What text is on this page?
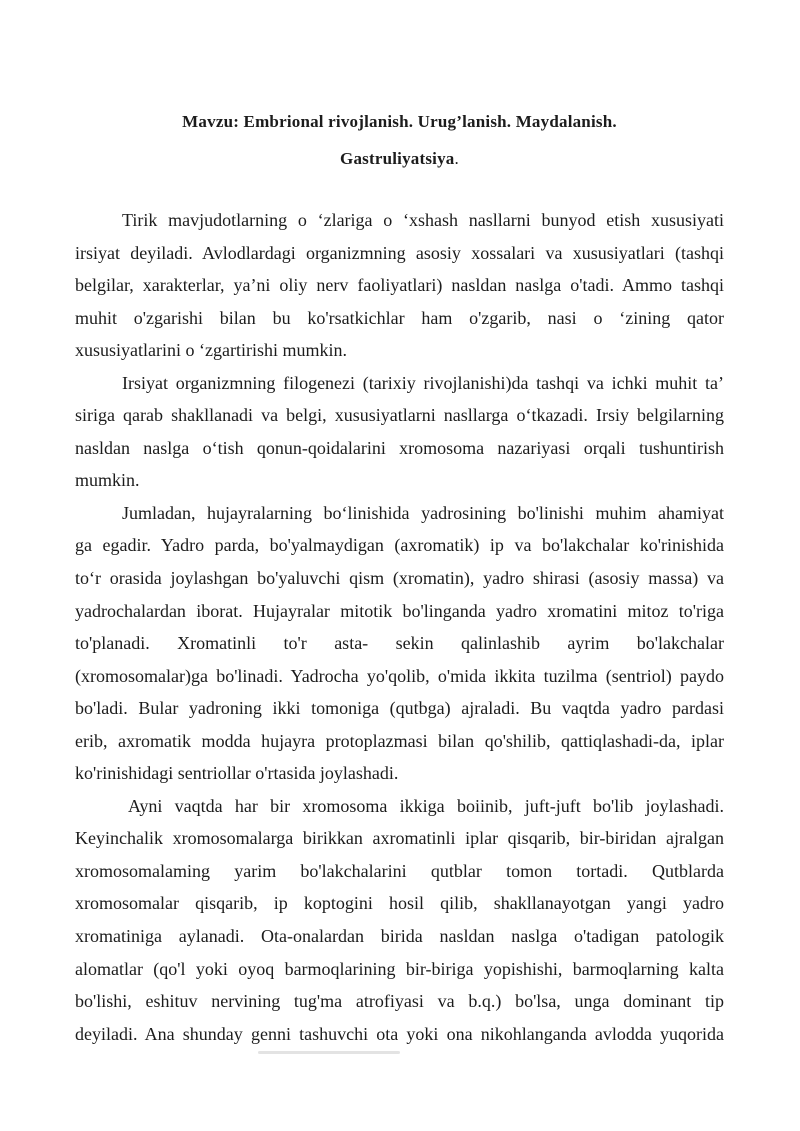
Mavzu: Embrional rivojlanish. Urug’lanish. Maydalanish.
Gastruliyatsiya.
Tirik mavjudotlarning o ‘zlariga o ‘xshash nasllarni bunyod etish xususiyati
irsiyat deyiladi. Avlodlardagi organizmning asosiy xossalari va xususiyatlari (tashqi
belgilar, xarakterlar, ya’ni oliy nerv faoliyatlari) nasldan naslga o'tadi. Ammo tashqi
muhit o'zgarishi bilan bu ko'rsatkichlar ham o'zgarib, nasi o ‘zining qator
xususiyatlarini o ‘zgartirishi mumkin.
Irsiyat organizmning filogenezi (tarixiy rivojlanishi)da tashqi va ichki muhit ta’
siriga qarab shakllanadi va belgi, xususiyatlarni nasllarga o‘tkazadi. Irsiy belgilarning
nasldan naslga o‘tish qonun-qoidalarini xromosoma nazariyasi orqali tushuntirish
mumkin.
Jumladan, hujayralarning bo‘linishida yadrosining bo'linishi muhim ahamiyat
ga egadir. Yadro parda, bo'yalmaydigan (axromatik) ip va bo'lakchalar ko'rinishida
to‘r orasida joylashgan bo'yaluvchi qism (xromatin), yadro shirasi (asosiy massa) va
yadrochalardan iborat. Hujayralar mitotik bo'linganda yadro xromatini mitoz to'riga
to'planadi. Xromatinli to'r asta- sekin qalinlashib ayrim bo'lakchalar
(xromosomalar)ga bo'linadi. Yadrocha yo'qolib, o'mida ikkita tuzilma (sentriol) paydo
bo'ladi. Bular yadroning ikki tomoniga (qutbga) ajraladi. Bu vaqtda yadro pardasi
erib, axromatik modda hujayra protoplazmasi bilan qo'shilib, qattiqlashadi-da, iplar
ko'rinishidagi sentriollar o'rtasida joylashadi.
Ayni vaqtda har bir xromosoma ikkiga boiinib, juft-juft bo'lib joylashadi.
Keyinchalik xromosomalarga birikkan axromatinli iplar qisqarib, bir-biridan ajralgan
xromosomalaming yarim bo'lakchalarini qutblar tomon tortadi. Qutblarda
xromosomalar qisqarib, ip koptogini hosil qilib, shakllanayotgan yangi yadro
xromatiniga aylanadi. Ota-onalardan birida nasldan naslga o'tadigan patologik
alomatlar (qo'l yoki oyoq barmoqlarining bir-biriga yopishishi, barmoqlarning kalta
bo'lishi, eshituv nervining tug'ma atrofiyasi va b.q.) bo'lsa, unga dominant tip
deyiladi. Ana shunday genni tashuvchi ota yoki ona nikohlanganda avlodda yuqorida
